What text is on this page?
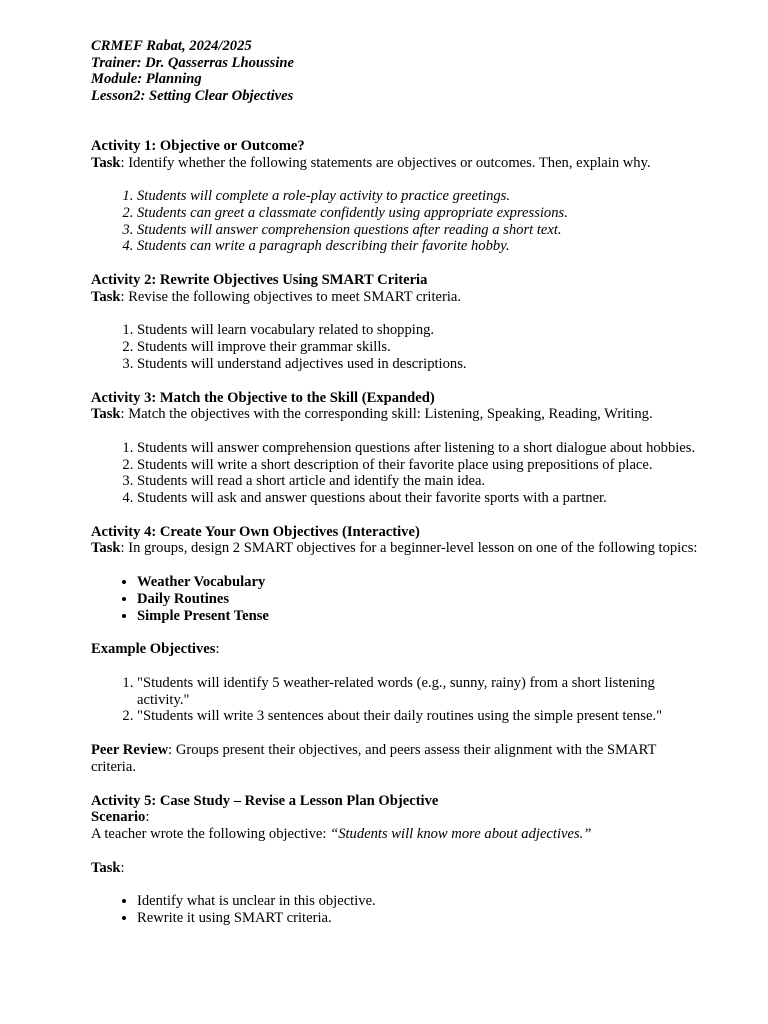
CRMEF Rabat, 2024/2025
Trainer: Dr. Qasserras Lhoussine
Module: Planning
Lesson2: Setting Clear Objectives
Activity 1: Objective or Outcome?
Task: Identify whether the following statements are objectives or outcomes. Then, explain why.
1. Students will complete a role-play activity to practice greetings.
2. Students can greet a classmate confidently using appropriate expressions.
3. Students will answer comprehension questions after reading a short text.
4. Students can write a paragraph describing their favorite hobby.
Activity 2: Rewrite Objectives Using SMART Criteria
Task: Revise the following objectives to meet SMART criteria.
1. Students will learn vocabulary related to shopping.
2. Students will improve their grammar skills.
3. Students will understand adjectives used in descriptions.
Activity 3: Match the Objective to the Skill (Expanded)
Task: Match the objectives with the corresponding skill: Listening, Speaking, Reading, Writing.
1. Students will answer comprehension questions after listening to a short dialogue about hobbies.
2. Students will write a short description of their favorite place using prepositions of place.
3. Students will read a short article and identify the main idea.
4. Students will ask and answer questions about their favorite sports with a partner.
Activity 4: Create Your Own Objectives (Interactive)
Task: In groups, design 2 SMART objectives for a beginner-level lesson on one of the following topics:
• Weather Vocabulary
• Daily Routines
• Simple Present Tense
Example Objectives:
1. "Students will identify 5 weather-related words (e.g., sunny, rainy) from a short listening activity."
2. "Students will write 3 sentences about their daily routines using the simple present tense."
Peer Review: Groups present their objectives, and peers assess their alignment with the SMART criteria.
Activity 5: Case Study – Revise a Lesson Plan Objective
Scenario:
A teacher wrote the following objective: “Students will know more about adjectives.”
Task:
• Identify what is unclear in this objective.
• Rewrite it using SMART criteria.
